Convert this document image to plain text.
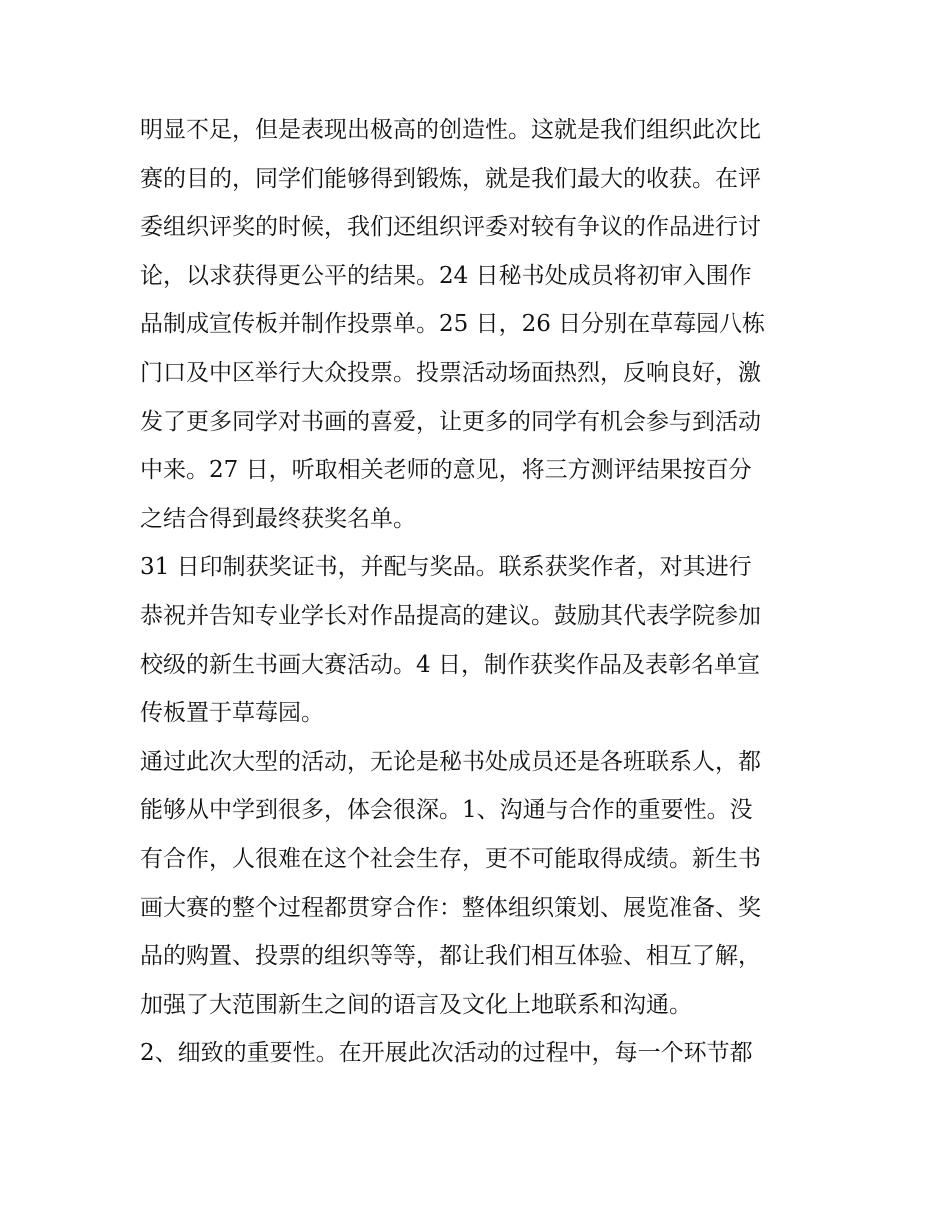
明显不足，但是表现出极高的创造性。这就是我们组织此次比
赛的目的，同学们能够得到锻炼，就是我们最大的收获。在评
委组织评奖的时候，我们还组织评委对较有争议的作品进行讨
论，以求获得更公平的结果。24 日秘书处成员将初审入围作
品制成宣传板并制作投票单。25 日，26 日分别在草莓园八栋
门口及中区举行大众投票。投票活动场面热烈，反响良好，激
发了更多同学对书画的喜爱，让更多的同学有机会参与到活动
中来。27 日，听取相关老师的意见，将三方测评结果按百分
之结合得到最终获奖名单。
31 日印制获奖证书，并配与奖品。联系获奖作者，对其进行
恭祝并告知专业学长对作品提高的建议。鼓励其代表学院参加
校级的新生书画大赛活动。4 日，制作获奖作品及表彰名单宣
传板置于草莓园。
通过此次大型的活动，无论是秘书处成员还是各班联系人，都
能够从中学到很多，体会很深。1、沟通与合作的重要性。没
有合作，人很难在这个社会生存，更不可能取得成绩。新生书
画大赛的整个过程都贯穿合作：整体组织策划、展览准备、奖
品的购置、投票的组织等等，都让我们相互体验、相互了解，
加强了大范围新生之间的语言及文化上地联系和沟通。
2、细致的重要性。在开展此次活动的过程中，每一个环节都
